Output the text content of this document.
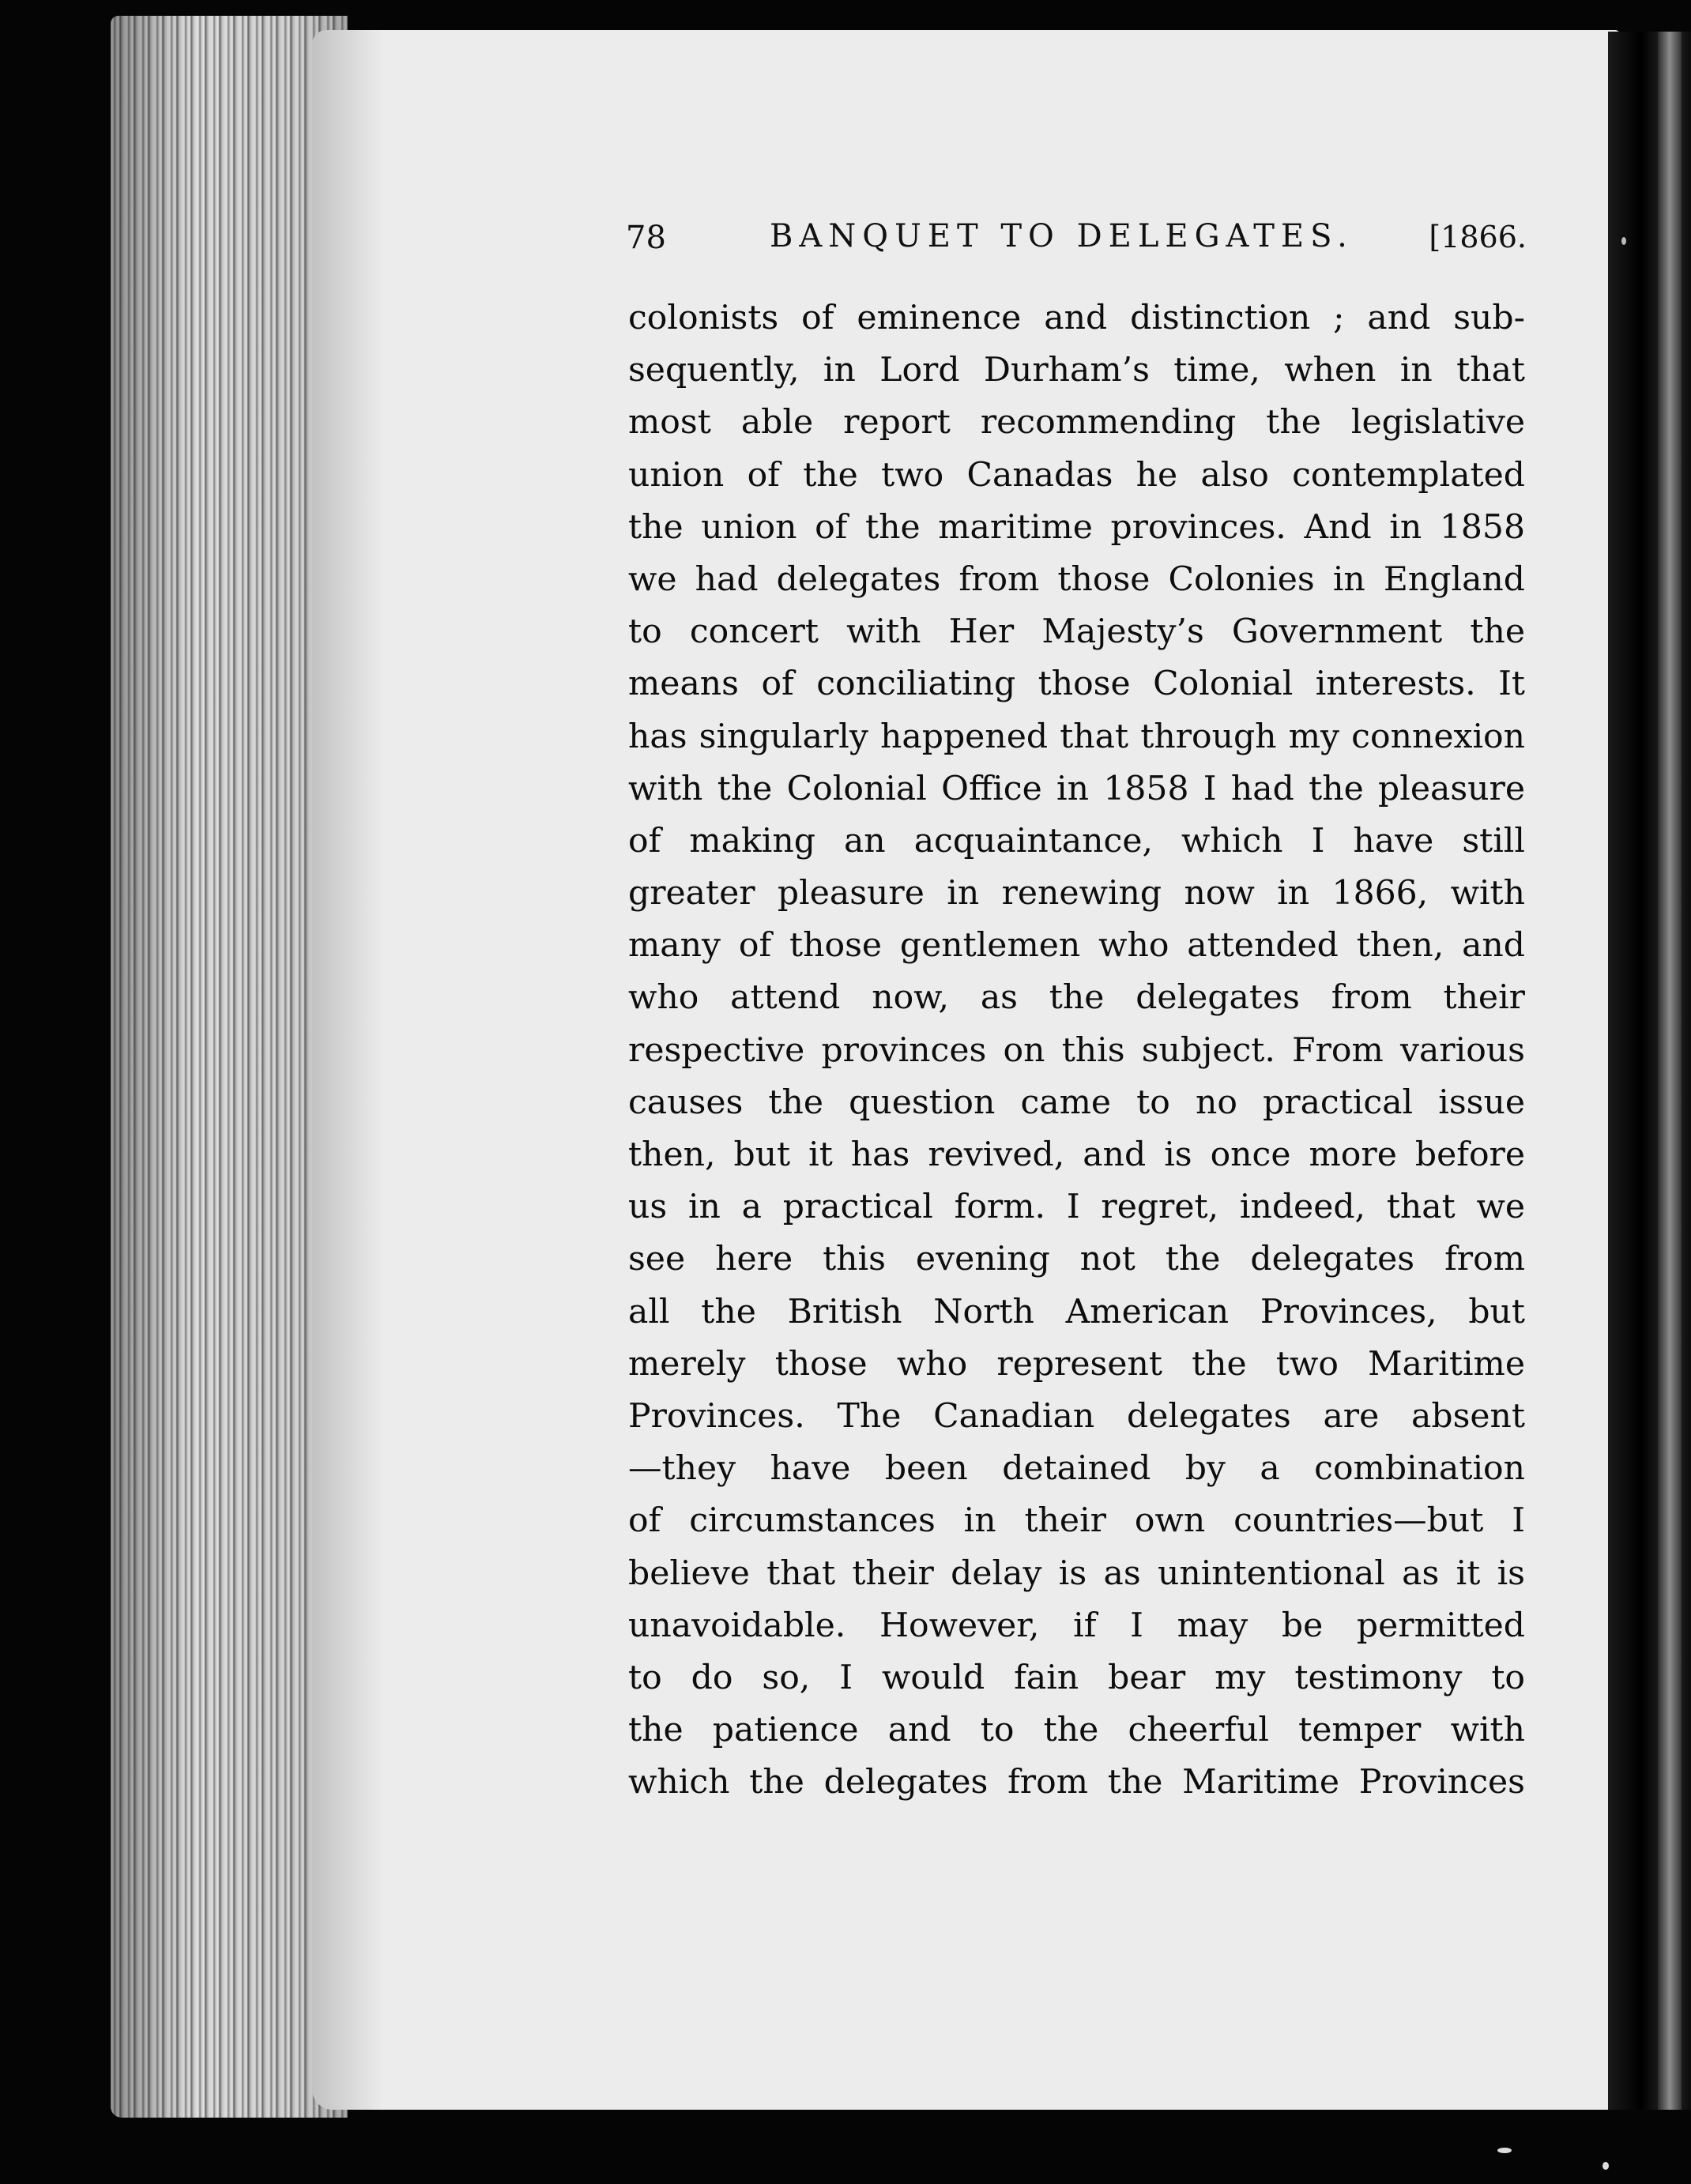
78	BANQUET TO DELEGATES.	[1866.
colonists of eminence and distinction ; and sub-
sequently, in Lord Durham’s time, when in that
most able report recommending the legislative
union of the two Canadas he also contemplated
the union of the maritime provinces. And in 1858
we had delegates from those Colonies in England
to concert with Her Majesty’s Government the
means of conciliating those Colonial interests. It
has singularly happened that through my connexion
with the Colonial Office in 1858 I had the pleasure
of making an acquaintance, which I have still
greater pleasure in renewing now in 1866, with
many of those gentlemen who attended then, and
who attend now, as the delegates from their
respective provinces on this subject. From various
causes the question came to no practical issue
then, but it has revived, and is once more before
us in a practical form. I regret, indeed, that we
see here this evening not the delegates from
all the British North American Provinces, but
merely those who represent the two Maritime
Provinces. The Canadian delegates are absent
—they have been detained by a combination
of circumstances in their own countries—but I
believe that their delay is as unintentional as it is
unavoidable. However, if I may be permitted
to do so, I would fain bear my testimony to
the patience and to the cheerful temper with
which the delegates from the Maritime Provinces
